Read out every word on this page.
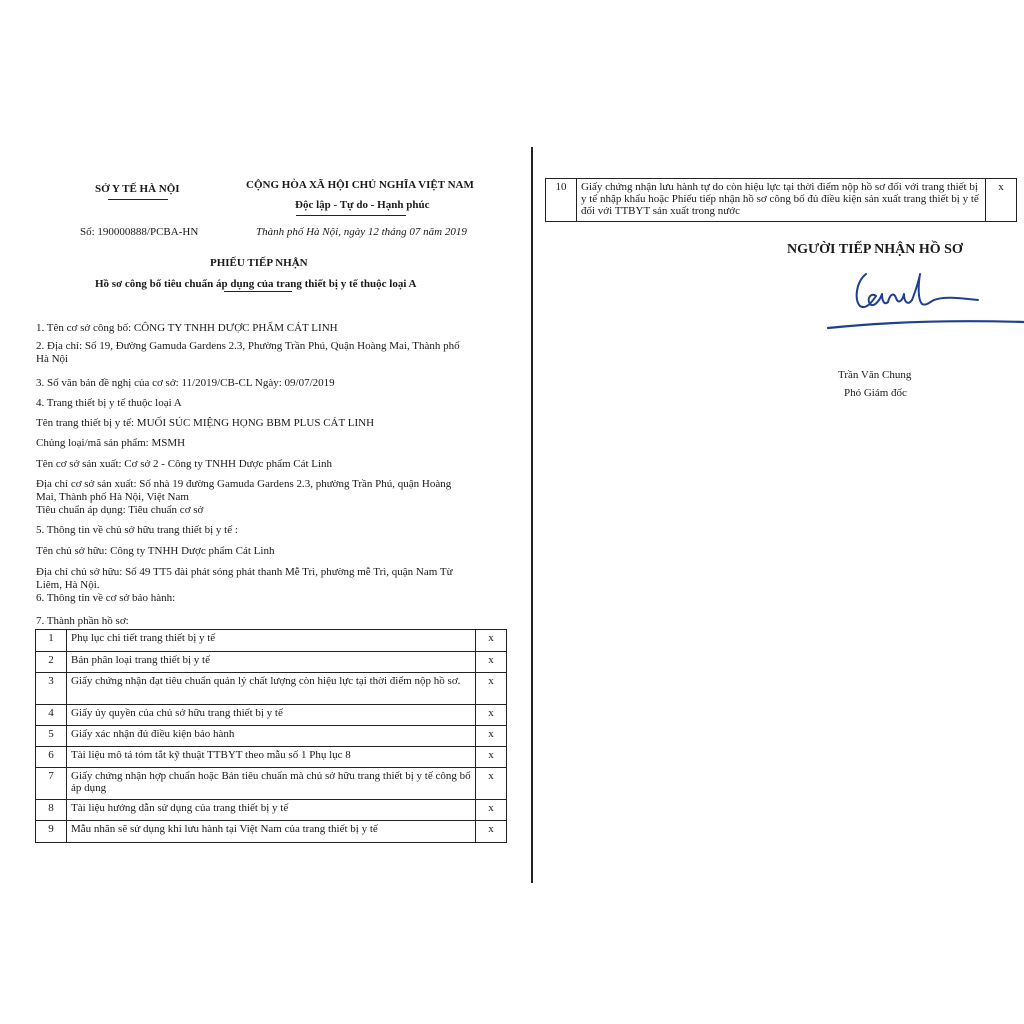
SỞ Y TẾ HÀ NỘI	CỘNG HÒA XÃ HỘI CHỦ NGHĨA VIỆT NAM
Độc lập - Tự do - Hạnh phúc
Số: 190000888/PCBA-HN	Thành phố Hà Nội, ngày 12 tháng 07 năm 2019
PHIẾU TIẾP NHẬN
Hồ sơ công bố tiêu chuẩn áp dụng của trang thiết bị y tế thuộc loại A
1. Tên cơ sở công bố: CÔNG TY TNHH DƯỢC PHẨM CÁT LINH
2. Địa chỉ: Số 19, Đường Gamuda Gardens 2.3, Phường Trần Phú, Quận Hoàng Mai, Thành phố
Hà Nội
3. Số văn bản đề nghị của cơ sở: 11/2019/CB-CL Ngày: 09/07/2019
4. Trang thiết bị y tế thuộc loại A
Tên trang thiết bị y tế: MUỐI SÚC MIỆNG HỌNG BBM PLUS CÁT LINH
Chủng loại/mã sản phẩm: MSMH
Tên cơ sở sản xuất: Cơ sở 2 - Công ty TNHH Dược phẩm Cát Linh
Địa chỉ cơ sở sản xuất: Số nhà 19 đường Gamuda Gardens 2.3, phường Trần Phú, quận Hoàng
Mai, Thành phố Hà Nội, Việt Nam
Tiêu chuẩn áp dụng: Tiêu chuẩn cơ sở
5. Thông tin về chủ sở hữu trang thiết bị y tế :
Tên chủ sở hữu: Công ty TNHH Dược phẩm Cát Linh
Địa chỉ chủ sở hữu: Số 49 TT5 đài phát sóng phát thanh Mễ Trì, phường mễ Trì, quận Nam Từ
Liêm, Hà Nội.
6. Thông tin về cơ sở bảo hành:
7. Thành phần hồ sơ:
1	Phụ lục chi tiết trang thiết bị y tế	x
2	Bản phân loại trang thiết bị y tế	x
3	Giấy chứng nhận đạt tiêu chuẩn quản lý chất lượng còn hiệu lực tại thời điểm nộp hồ sơ.	x
4	Giấy ủy quyền của chủ sở hữu trang thiết bị y tế	x
5	Giấy xác nhận đủ điều kiện bảo hành	x
6	Tài liệu mô tả tóm tắt kỹ thuật TTBYT theo mẫu số 1 Phụ lục 8	x
7	Giấy chứng nhận hợp chuẩn hoặc Bản tiêu chuẩn mà chủ sở hữu trang thiết bị y tế công bố áp dụng	x
8	Tài liệu hướng dẫn sử dụng của trang thiết bị y tế	x
9	Mẫu nhãn sẽ sử dụng khi lưu hành tại Việt Nam của trang thiết bị y tế	x
10	Giấy chứng nhận lưu hành tự do còn hiệu lực tại thời điểm nộp hồ sơ đối với trang thiết bị y tế nhập khẩu hoặc Phiếu tiếp nhận hồ sơ công bố đủ điều kiện sản xuất trang thiết bị y tế đối với TTBYT sản xuất trong nước	x
NGƯỜI TIẾP NHẬN HỒ SƠ
Trần Văn Chung
Phó Giám đốc
